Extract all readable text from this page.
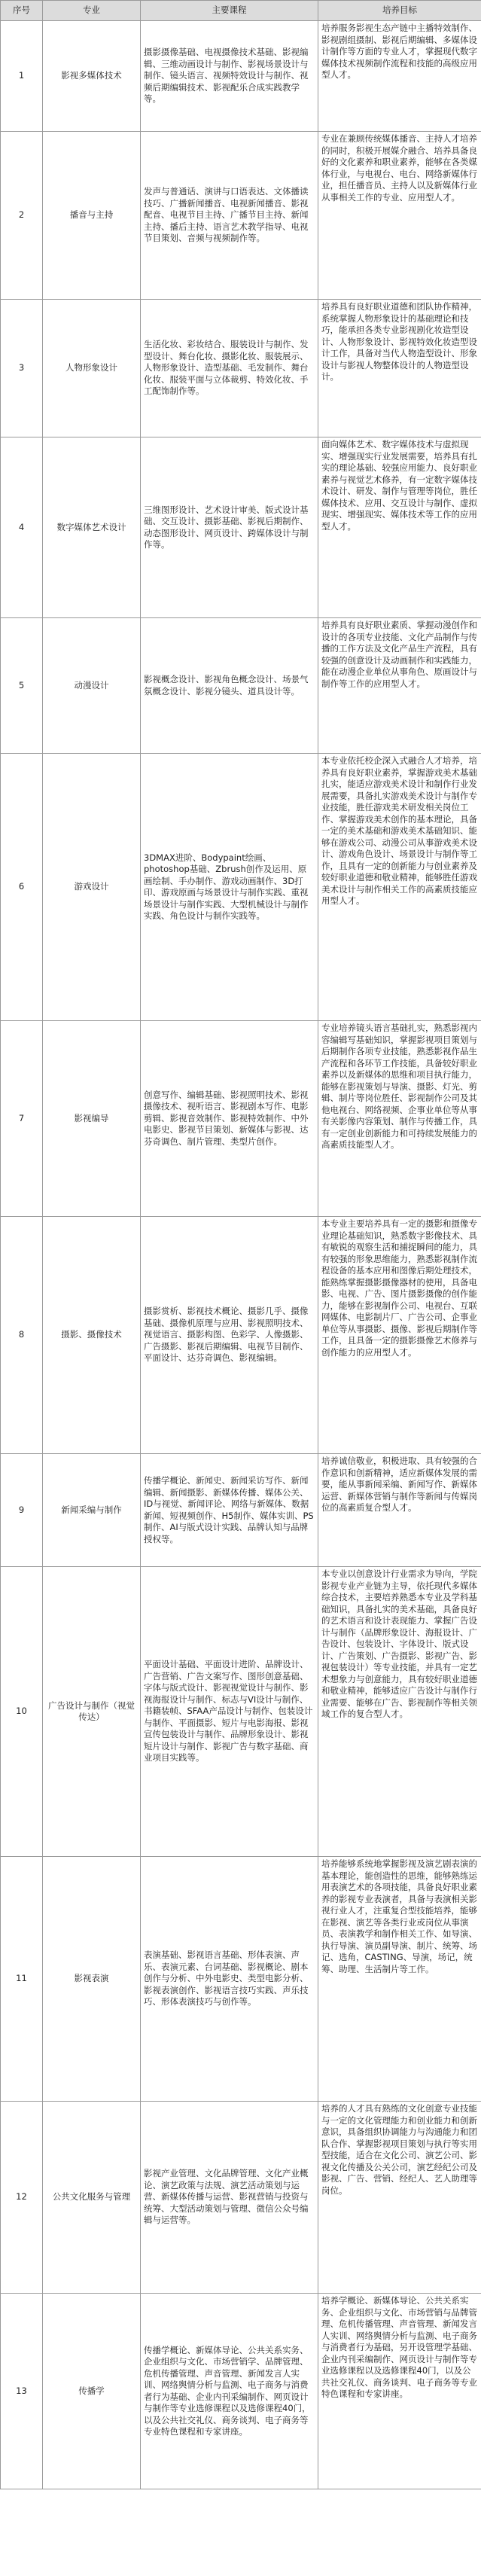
序号	专业	主要课程	培养目标
1	影视多媒体技术	摄影摄像基础、电视摄像技术基础、影视编辑、三维动画设计与制作、影视场景设计与制作、镜头语言、视频特效设计与制作、视频后期编辑技术、影视配乐合成实践教学等。	培养服务影视生态产链中主播特效制作、影视剧组摄制、影视后期编辑、多媒体设计制作等方面的专业人才，掌握现代数字媒体技术视频制作流程和技能的高级应用型人才。
2	播音与主持	发声与普通话、演讲与口语表达、文体播读技巧、广播新闻播音、电视新闻播音、影视配音、电视节目主持、广播节目主持、新闻主持、播后主持、语言艺术教学指导、电视节目策划、音频与视频制作等。	专业在兼顾传统媒体播音、主持人才培养的同时，积极开展媒介融合、培养具备良好的文化素养和职业素养，能够在各类媒体行业，与电视台、电台、网络新媒体行业，担任播音员、主持人以及新媒体行业从事相关工作的专业、应用型人才。
3	人物形象设计	生活化妆、彩妆结合、服装设计与制作、发型设计、舞台化妆、摄影化妆、服装展示、人物形象设计、造型基础、毛发制作、舞台化妆、服装平面与立体裁剪、特效化妆、手工配饰制作等。	培养具有良好职业道德和团队协作精神，系统掌握人物形象设计的基础理论和技巧，能承担各类专业影视剧化妆造型设计、人物形象设计、影视特效化妆造型设计工作，具备对当代人物造型设计、形象设计与影视人物整体设计的人物造型设计。
4	数字媒体艺术设计	三维图形设计、艺术设计审美、版式设计基础、交互设计、摄影基础、影视后期制作、动态图形设计、网页设计、跨媒体设计与制作等。	面向媒体艺术、数字媒体技术与虚拟现实、增强现实行业发展需要，培养具有扎实的理论基础、较强应用能力、良好职业素养与视觉艺术修养，有一定数字媒体技术设计、研发、制作与管理等岗位，胜任媒体技术、应用、交互设计与制作、虚拟现实、增强现实、媒体技术等工作的应用型人才。
5	动漫设计	影视概念设计、影视角色概念设计、场景气氛概念设计、影视分镜头、道具设计等。	培养具有良好职业素质、掌握动漫创作和设计的各项专业技能、文化产品制作与传播的工作方法及文化产品生产流程，具有较强的创意设计及动画制作和实践能力，能在动漫企业单位从事角色、原画设计与制作等工作的应用型人才。
6	游戏设计	3DMAX进阶、Bodypaint绘画、photoshop基础、Zbrush创作及运用、原画绘制、手办制作、游戏动画制作、3D打印、游戏原画与场景设计与制作实践、重视场景设计与制作实践、大型机械设计与制作实践、角色设计与制作实践等。	本专业依托校企深入式融合人才培养，培养具有良好职业素养，掌握游戏美术基础扎实，能适应游戏美术设计和制作行业发展需要，具备扎实游戏美术设计与制作专业技能，胜任游戏美术研发相关岗位工作、掌握游戏美术创作的基本理论，具备一定的美术基础和游戏美术基础知识、能够在游戏公司、动漫公司从事游戏美术设计、游戏角色设计、场景设计与制作等工作，且具有一定的创新能力与创业素养及较好职业道德和敬业精神，能够胜任游戏美术设计与制作相关工作的高素质技能应用型人才。
7	影视编导	创意写作、编辑基础、影视照明技术、影视摄像技术、视听语言、影视剧本写作、电影剪辑、影视音效制作、影视特效制作、中外电影史、影视节目策划、新媒体与影视、达芬奇调色、制片管理、类型片创作。	专业培养镜头语言基础扎实，熟悉影视内容编辑写基础知识，掌握影视项目策划与后期制作各项专业技能，熟悉影视作品生产流程和各环节工作技能，具备较好职业素养以及新媒体的思维和项目执行能力，能够在影视策划与导演、摄影、灯光、剪辑、制片等岗位胜任、影视制作公司及其他电视台、网络视频、企事业单位等从事有关影像内容策划、制作与传播工作，具有一定创业创新能力和可持续发展能力的高素质技能型人才。
8	摄影、摄像技术	摄影赏析、影视技术概论、摄影几乎、摄像基础、摄像机原理与应用、影视照明技术、视觉语言、摄影构图、色彩学、人像摄影、广告摄影、影视后期编辑、电视节目制作、平面设计、达芬奇调色、影视编辑。	本专业主要培养具有一定的摄影和摄像专业理论基础知识，熟悉数字影像技术、具有敏锐的观察生活和捕捉瞬间的能力，具有较强的形象思维能力，熟悉影视制作流程设备的基本应用和图像后期处理技术，能熟练掌握摄影摄像器材的使用，具备电影、电视、广告、图片摄影摄像的创作能力，能够在影视制作公司、电视台、互联网媒体、电影制片厂、广告公司、企事业单位等从事摄影、摄像、影视后期制作等工作，且具备一定的摄影摄像艺术修养与创作能力的应用型人才。
9	新闻采编与制作	传播学概论、新闻史、新闻采访写作、新闻编辑、新闻摄影、新媒体传播、媒体公关、ID与视觉、新闻评论、网络与新媒体、数据新闻、短视频创作、H5制作、媒体实训、PS制作、AI与版式设计实践、品牌认知与品牌授权等。	培养诚信敬业，积极进取、具有较强的合作意识和创新精神，适应新媒体发展的需要，能从事新闻采编、新闻写作、新媒体运营、新媒体营销与制作等新闻与传媒岗位的高素质复合型人才。
10	广告设计与制作（视觉传达）	平面设计基础、平面设计进阶、品牌设计、广告营销、广告文案写作、图形创意基础、字体与版式设计、影视视觉设计与制作、影视海报设计与制作、标志与VI设计与制作、书籍装帧、SFAA产品设计与制作、包装设计与制作、平面摄影、短片与电影海报、影视宣传包装设计与制作、品牌形象设计、影视短片设计与制作、影视广告与数字基础、商业项目实践等。	本专业以创意设计行业需求为导向，学院影视专业产业链为主导，依托现代多媒体综合技术，主要培养熟悉本专业及学科基础知识，具备扎实的美术基础，具备良好的艺术语言和设计表现能力、掌握广告设计与制作（品牌形象设计、海报设计、广告设计、包装设计、字体设计、版式设计、广告策划、广告摄影、影视广告、影视包装设计）等专业技能，并具有一定艺术想象力与创意能力，具有较好职业道德和敬业精神，能够适应广告设计与制作行业需要、能够在广告、影视制作等相关领域工作的复合型人才。
11	影视表演	表演基础、影视语言基础、形体表演、声乐、表演元素、台词基础、影视概论、剧本创作与分析、中外电影史、类型电影分析、影视表演创作、影视语言技巧实践、声乐技巧、形体表演技巧与创作等。	培养能够系统地掌握影视及演艺剧表演的基本理论，能创造性的思维，能够熟练运用表演艺术的各项技能，具备良好职业素养的影视专业表演者，具备与表演相关影视行业人才，注重复合型技能培养，能够在影视、演艺等各类行业或岗位从事演员、表演教学和制作相关工作、如导演、执行导演、演员副导演、制片、统筹、场记、选角，CASTING、导演，场记，统筹、助理、生活制片等工作。
12	公共文化服务与管理	影视产业管理、文化品牌管理、文化产业概论、演艺政策与法规、演艺活动策划与运营、新媒体传播与运营、影视营销与投资与统筹、大型活动策划与管理、微信公众号编辑与运营等。	培养的人才具有熟练的文化创意专业技能与一定的文化管理能力和创业能力和创新意识，具备组织协调能力与沟通能力和团队合作、掌握影视项目策划与执行等实用型技能，适合在文化公司、演艺公司、影视文化传播及公关公司，演艺经纪公司及影视、广告、营销、经纪人、艺人助理等岗位。
13	传播学	传播学概论、新媒体导论、公共关系实务、企业组织与文化、市场营销学、品牌管理、危机传播管理、声音管理、新闻发言人实训、网络舆情分析与监测、电子商务与消费者行为基础、企业内刊采编制作、网页设计与制作等专业选修课程以及选修课程40门，以及公共社交礼仪、商务谈判、电子商务等专业特色课程和专家讲座。	培养学概论、新媒体导论、公共关系实务、企业组织与文化、市场营销与品牌管理、危机传播管理、声音管理、新闻发言人实训、网络舆情分析与监测、电子商务与消费者行为基础，另开设管理学基础、企业内刊采编制作、网页设计与制作等专业选修课程以及选修课程40门，以及公共社交礼仪、商务谈判、电子商务等专业特色课程和专家讲座。
